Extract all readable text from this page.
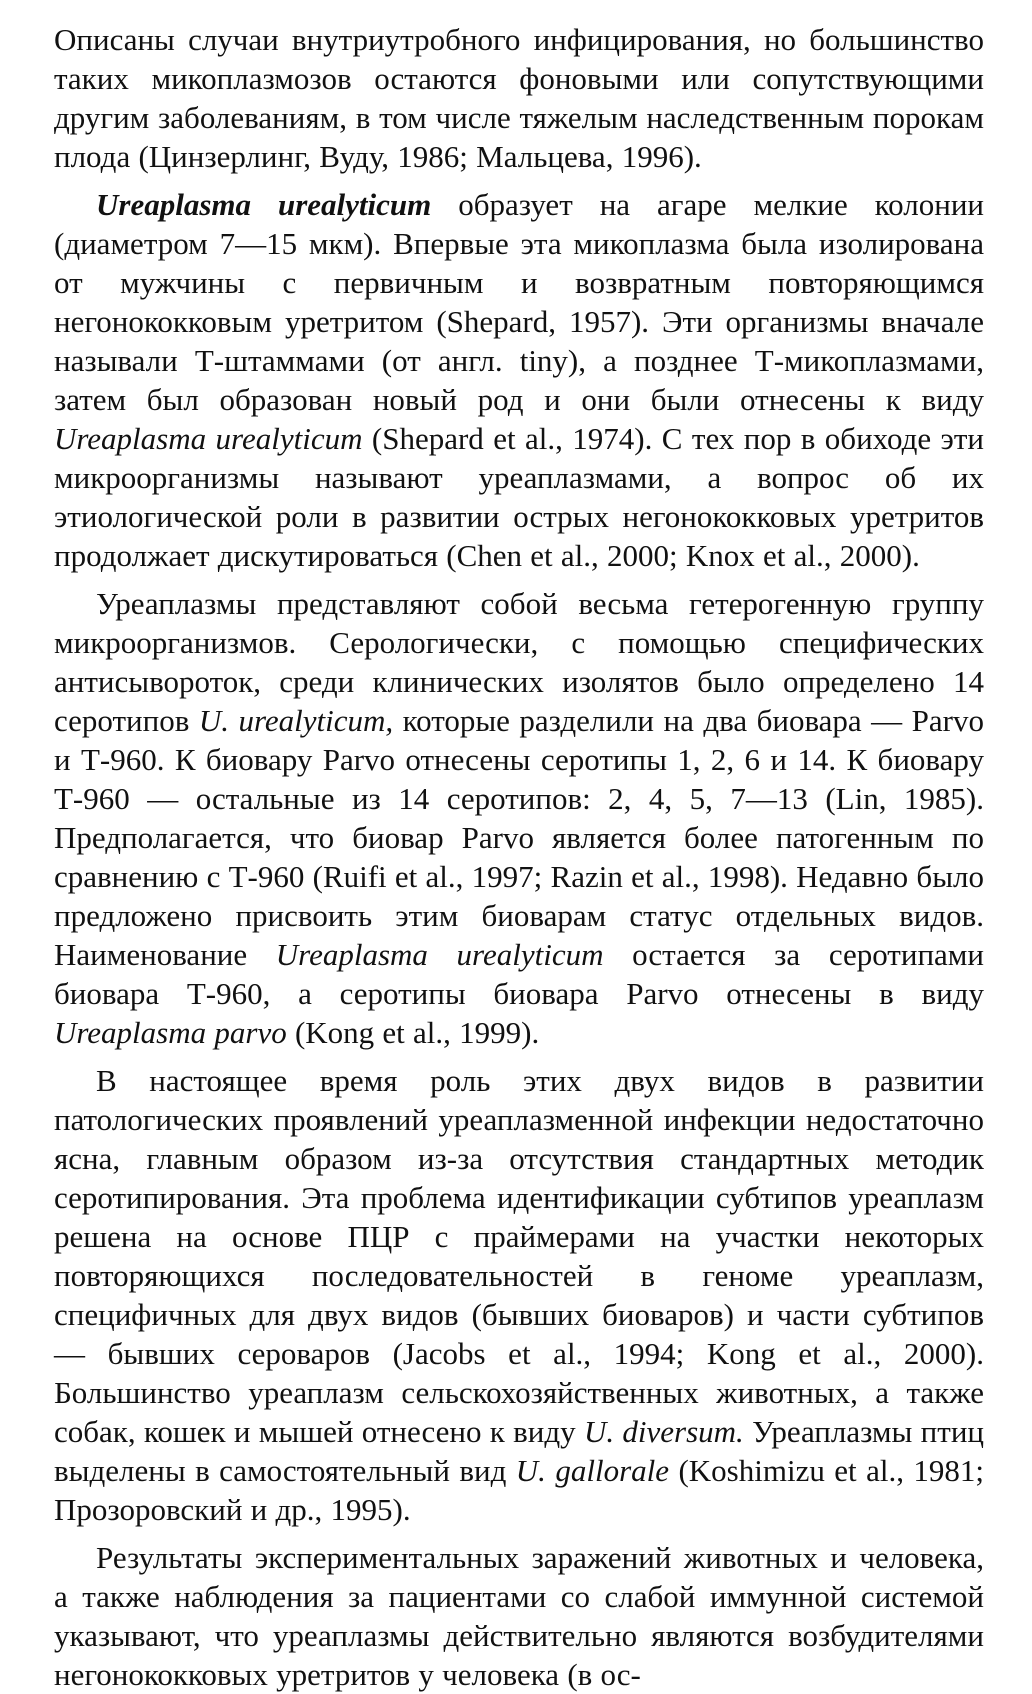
Описаны случаи внутриутробного инфицирования, но большинство таких микоплазмозов остаются фоновыми или сопутствующими другим заболеваниям, в том числе тяжелым наследственным порокам плода (Цинзерлинг, Вуду, 1986; Мальцева, 1996).

Ureaplasma urealyticum образует на агаре мелкие колонии (диаметром 7—15 мкм). Впервые эта микоплазма была изолирована от мужчины с первичным и возвратным повторяющимся негонококковым уретритом (Shepard, 1957). Эти организмы вначале называли Т-штаммами (от англ. tiny), а позднее Т-микоплазмами, затем был образован новый род и они были отнесены к виду Ureaplasma urealyticum (Shepard et al., 1974). С тех пор в обиходе эти микроорганизмы называют уреаплазмами, а вопрос об их этиологической роли в развитии острых негонококковых уретритов продолжает дискутироваться (Chen et al., 2000; Knox et al., 2000).

Уреаплазмы представляют собой весьма гетерогенную группу микроорганизмов. Серологически, с помощью специфических антисывороток, среди клинических изолятов было определено 14 серотипов U. urealyticum, которые разделили на два биовара — Parvo и Т-960. К биовару Parvo отнесены серотипы 1, 2, 6 и 14. К биовару Т-960 — остальные из 14 серотипов: 2, 4, 5, 7—13 (Lin, 1985). Предполагается, что биовар Parvo является более патогенным по сравнению с Т-960 (Ruifi et al., 1997; Razin et al., 1998). Недавно было предложено присвоить этим биоварам статус отдельных видов. Наименование Ureaplasma urealyticum остается за серотипами биовара Т-960, а серотипы биовара Parvo отнесены в виду Ureaplasma parvo (Kong et al., 1999).

В настоящее время роль этих двух видов в развитии патологических проявлений уреаплазменной инфекции недостаточно ясна, главным образом из-за отсутствия стандартных методик серотипирования. Эта проблема идентификации субтипов уреаплазм решена на основе ПЦР с праймерами на участки некоторых повторяющихся последовательностей в геноме уреаплазм, специфичных для двух видов (бывших биоваров) и части субтипов — бывших сероваров (Jacobs et al., 1994; Kong et al., 2000). Большинство уреаплазм сельскохозяйственных животных, а также собак, кошек и мышей отнесено к виду U. diversum. Уреаплазмы птиц выделены в самостоятельный вид U. gallorale (Koshimizu et al., 1981; Прозоровский и др., 1995).

Результаты экспериментальных заражений животных и человека, а также наблюдения за пациентами со слабой иммунной системой указывают, что уреаплазмы действительно являются возбудителями негонококковых уретритов у человека (в ос-
